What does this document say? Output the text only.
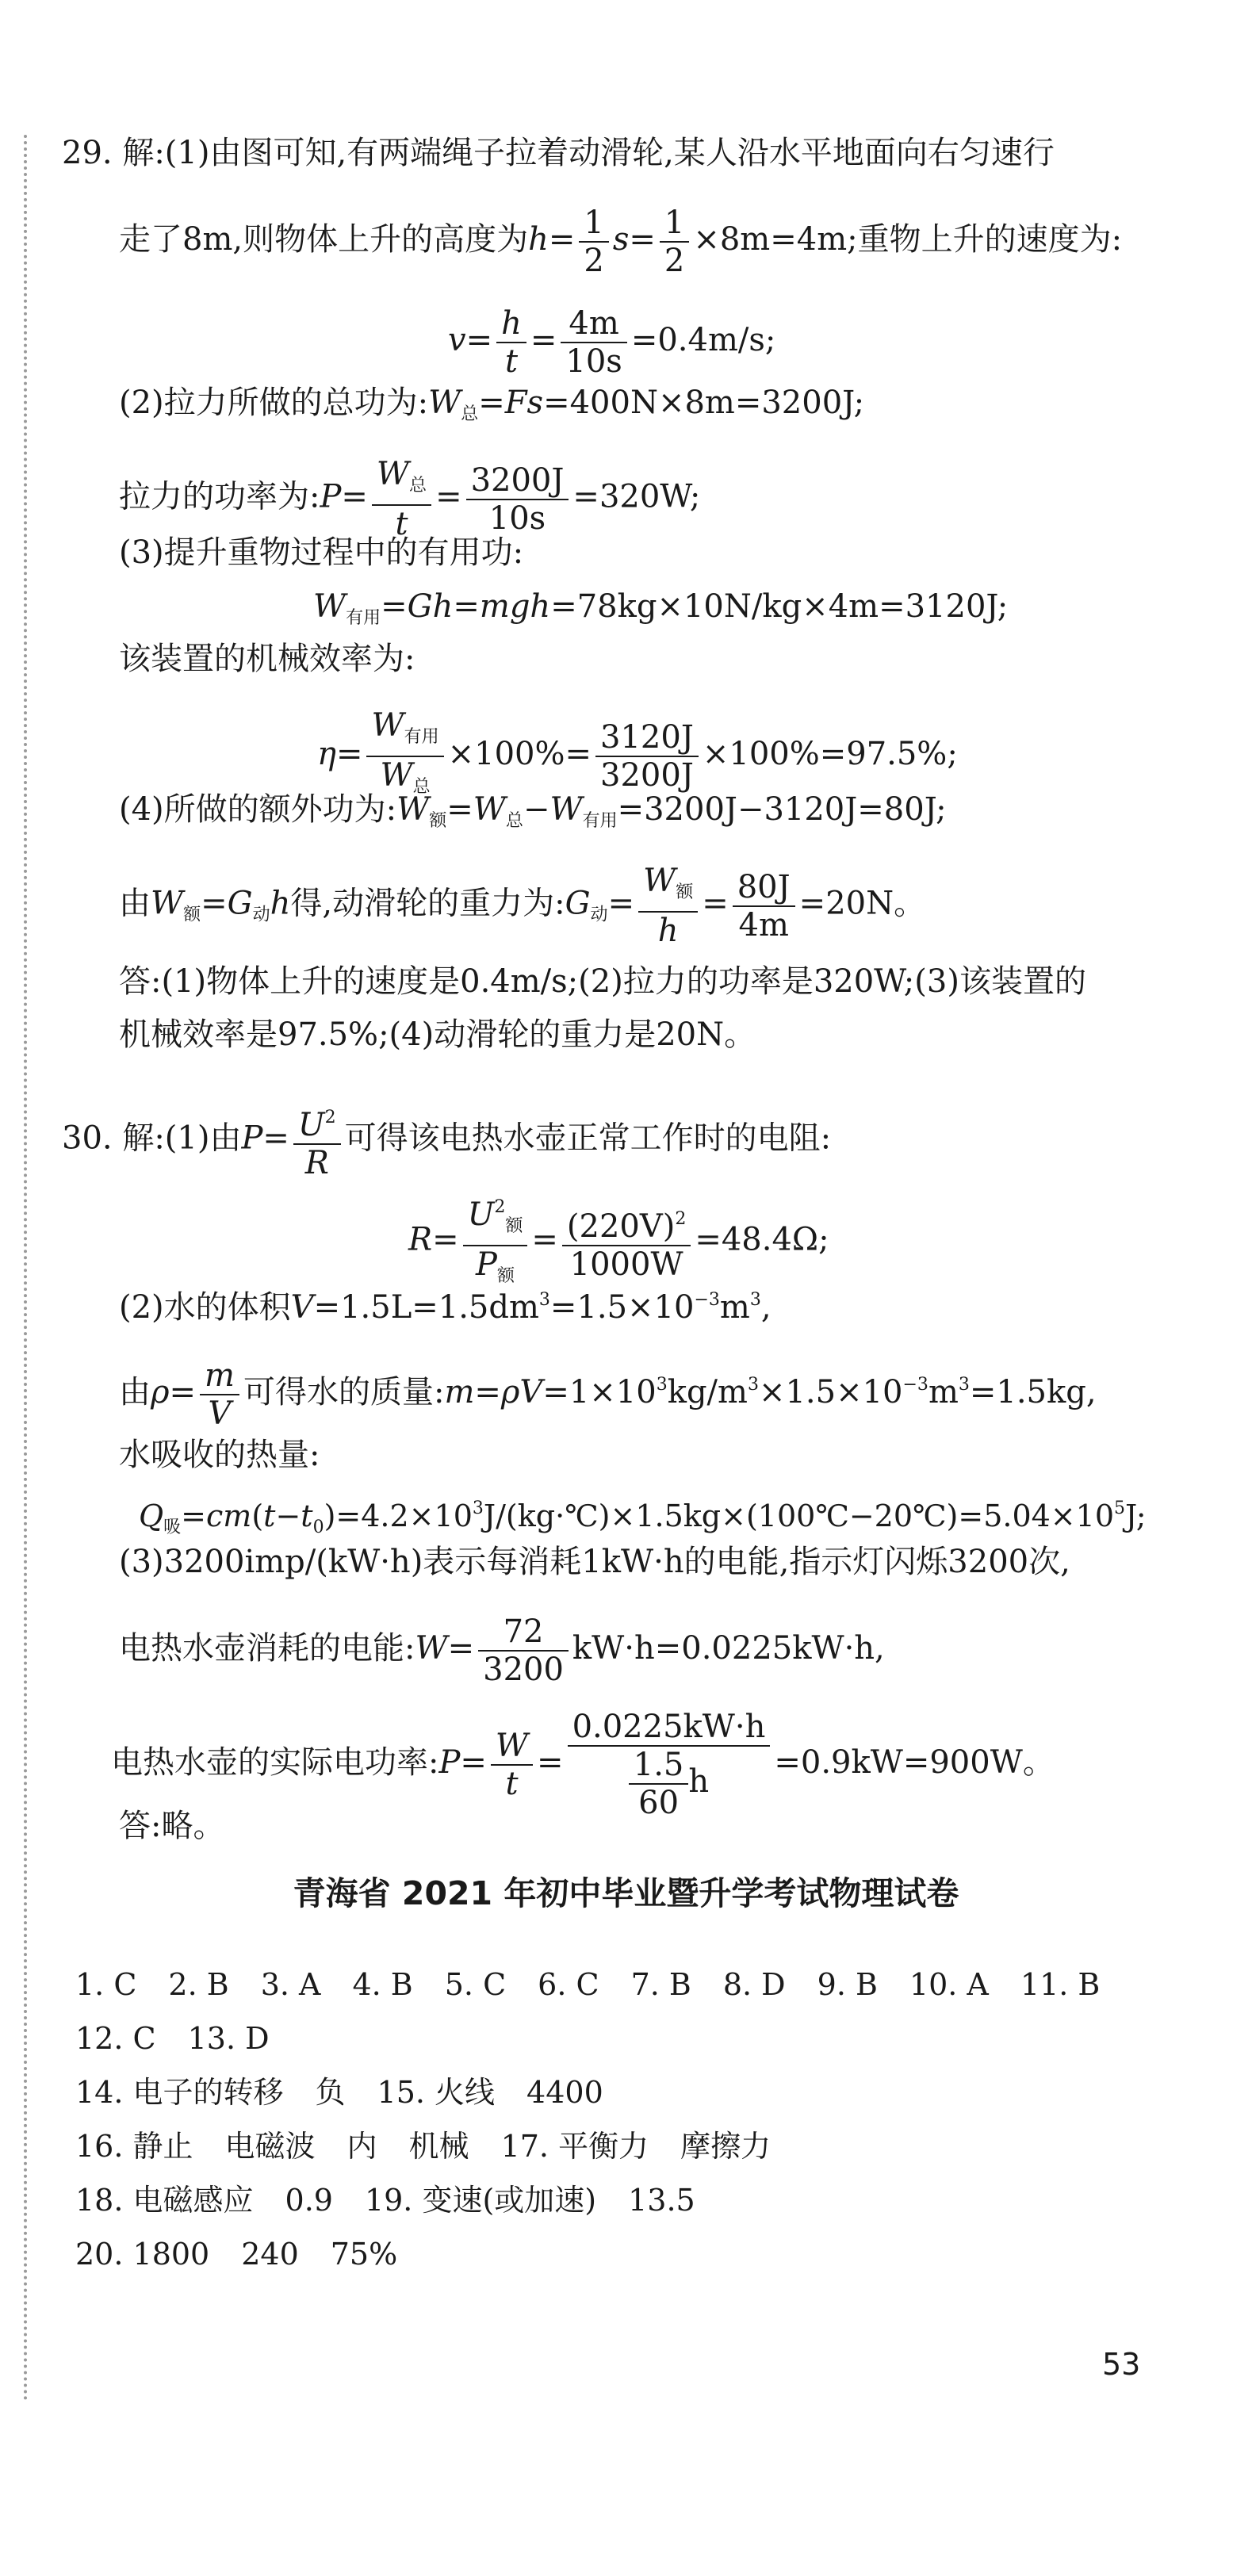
29. 解:(1)由图可知,有两端绳子拉着动滑轮,某人沿水平地面向右匀速行
走了8m,则物体上升的高度为$h= \frac{1}{2} s= \frac{1}{2} \times 8m=4m$;重物上升的速度为:
$v= \frac{h}{t} = \frac{4m}{10s} =0.4m/s$;
(2)拉力所做的总功为$:W_总=Fs=400N\times 8m=3200J$;
拉力的功率为:P= $\frac{W_总}{t} = \frac{3200J}{10s} =320W$;
(3)提升重物过程中的有用功:
$W_{有用}=Gh=mgh=78kg\times 10N/kg\times 4m=3120J$;
该装置的机械效率为:
$\eta= \frac{W_{有用}}{W_总} \times 100\%= \frac{3120J}{3200J} \times 100\%=97.5\%$;
(4)所做的额外功为$:W_额=W_总-W_{有用}=3200J-3120J=80J$;
由$W_额=G_动h$得,动滑轮的重力为$:G_动= \frac{W_额}{h} = \frac{80J}{4m} =20N$。
答:(1)物体上升的速度是0.4m/s;(2)拉力的功率是320W;(3)该装置的
机械效率是97.5%;(4)动滑轮的重力是20N。
30. 解:(1)由$P= \frac{U^2}{R}$ 可得该电热水壶正常工作时的电阻:
$R= \frac{U^2_额}{P_额} = \frac{(220V)^2}{1000W} =48.4\Omega$;
(2)水的体积$V=1.5L=1.5dm^3=1.5\times 10^{-3}m^3$,
由$\rho= \frac{m}{V}$ 可得水的质量$:m=\rho V=1\times 10^3kg/m^3\times 1.5\times 10^{-3}m^3=1.5kg$,
水吸收的热量:
$Q_吸=cm(t-t_0)=4.2\times 10^3J/(kg\cdot℃)\times 1.5kg\times(100℃-20℃)=5.04\times 10^5J$;
(3)3200imp/(kW·h)表示每消耗1kW·h的电能,指示灯闪烁3200次,
电热水壶消耗的电能:W= $\frac{72}{3200} kW\cdot h=0.0225kW\cdot h$,
电热水壶的实际电功率:P= $\frac{W}{t} = \frac{0.0225kW\cdot h}{\frac{1.5}{60} h} =0.9kW=900W$。
答:略。
青海省 2021 年初中毕业暨升学考试物理试卷
1. C 2. B 3. A 4. B 5. C 6. C 7. B 8. D 9. B 10. A 11. B
12. C 13. D
14. 电子的转移 负 15. 火线 4400
16. 静止 电磁波 内 机械 17. 平衡力 摩擦力
18. 电磁感应 0.9 19. 变速(或加速) 13.5
20. 1800 240 75%
53
